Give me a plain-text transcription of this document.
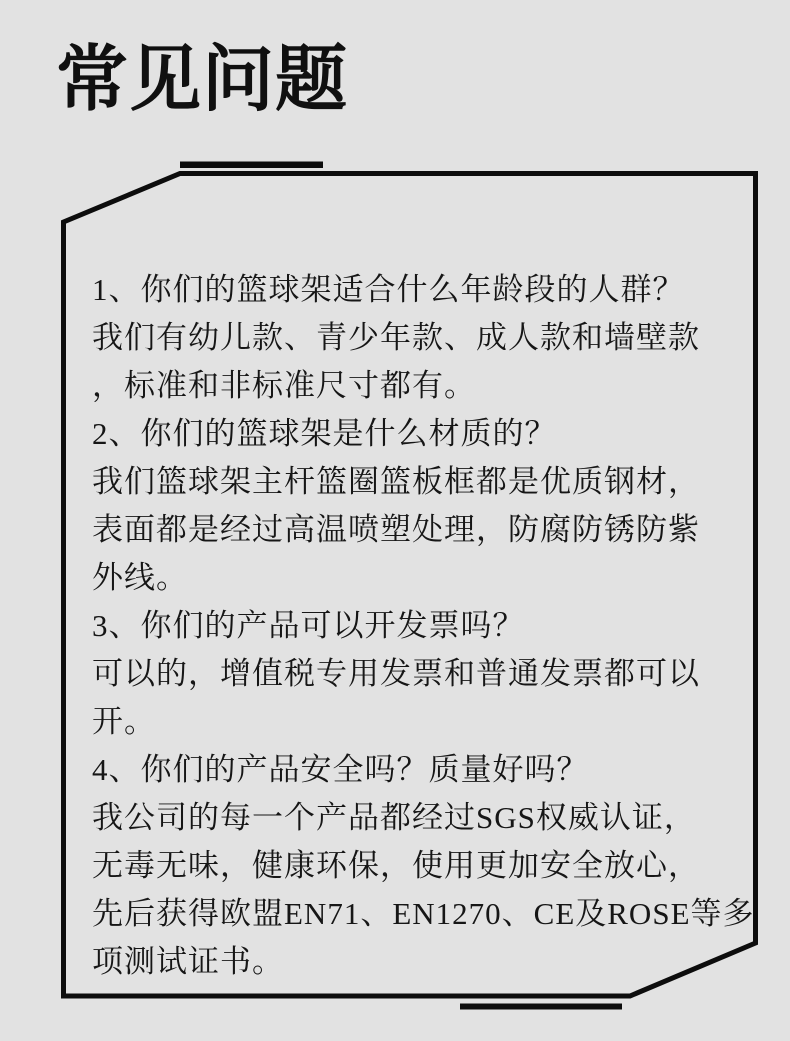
常见问题
1、你们的篮球架适合什么年龄段的人群？
我们有幼儿款、青少年款、成人款和墙壁款
，标准和非标准尺寸都有。
2、你们的篮球架是什么材质的？
我们篮球架主杆篮圈篮板框都是优质钢材，
表面都是经过高温喷塑处理，防腐防锈防紫
外线。
3、你们的产品可以开发票吗？
可以的，增值税专用发票和普通发票都可以
开。
4、你们的产品安全吗？质量好吗？
我公司的每一个产品都经过SGS权威认证，
无毒无味，健康环保，使用更加安全放心，
先后获得欧盟EN71、EN1270、CE及ROSE等多
项测试证书。
